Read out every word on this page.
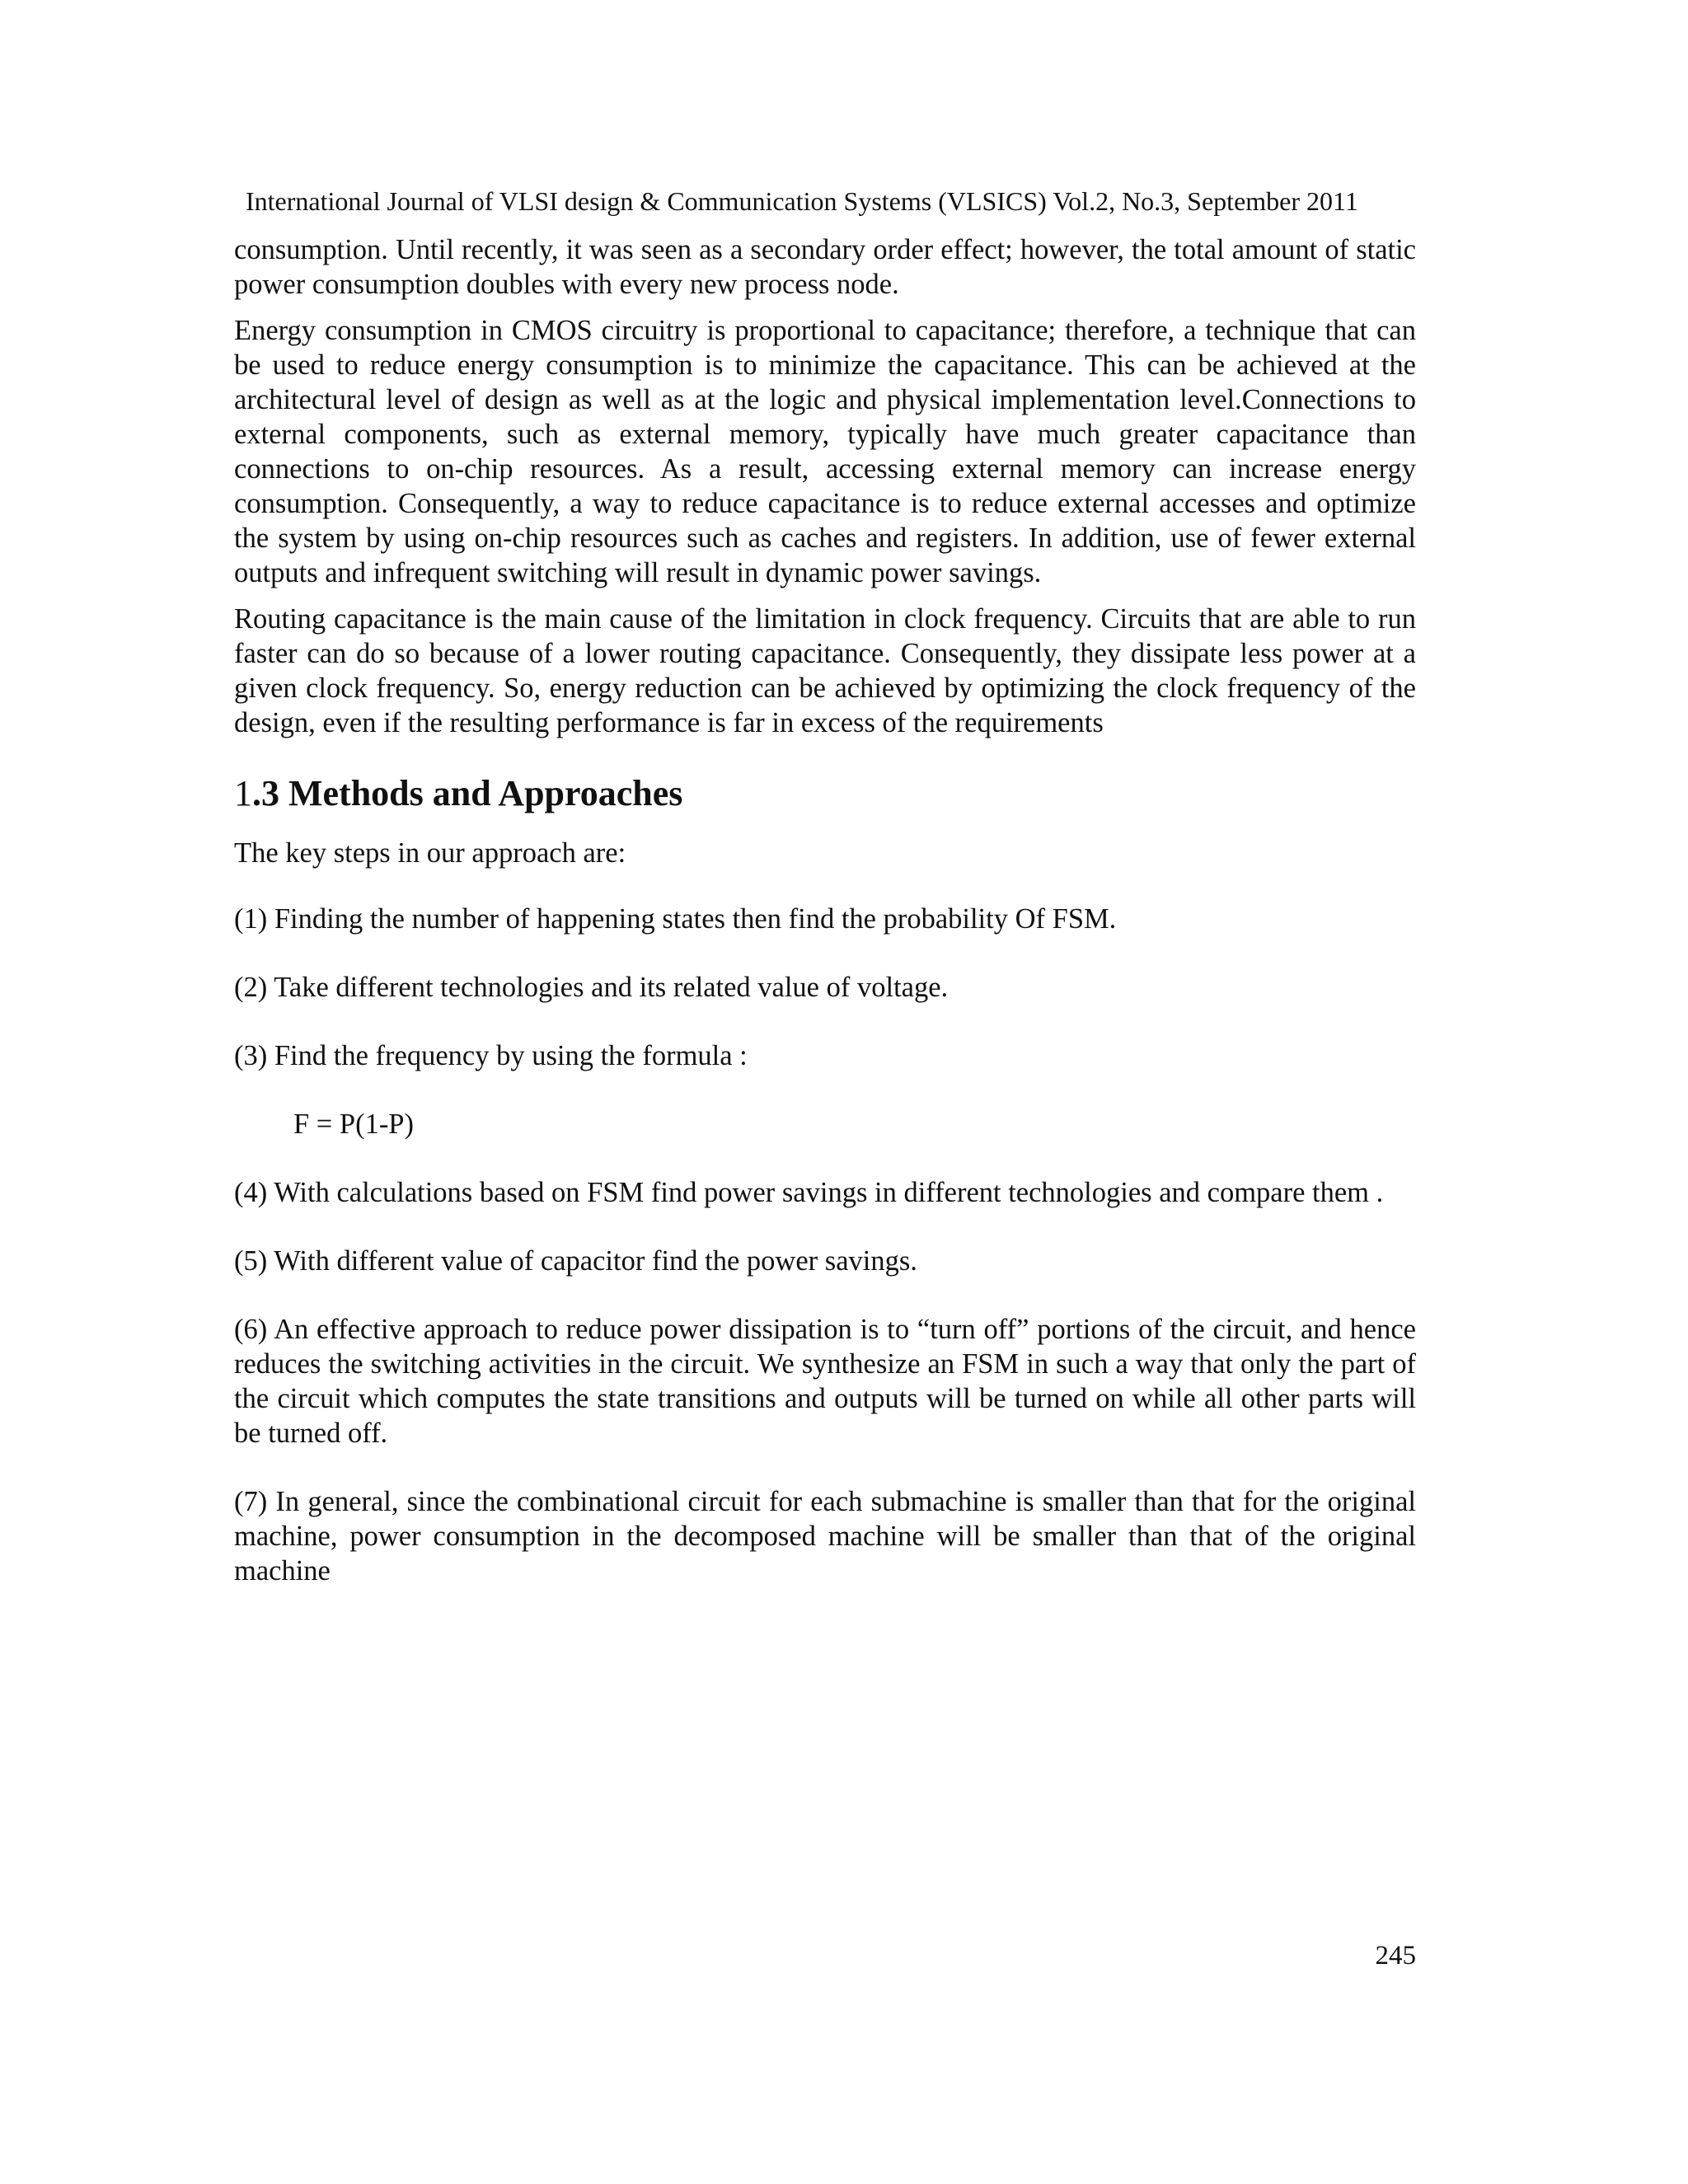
International Journal of VLSI design & Communication Systems (VLSICS) Vol.2, No.3, September 2011

consumption. Until recently, it was seen as a secondary order effect; however, the total amount of static power consumption doubles with every new process node.

Energy consumption in CMOS circuitry is proportional to capacitance; therefore, a technique that can be used to reduce energy consumption is to minimize the capacitance. This can be achieved at the architectural level of design as well as at the logic and physical implementation level.Connections to external components, such as external memory, typically have much greater capacitance than connections to on-chip resources. As a result, accessing external memory can increase energy consumption. Consequently, a way to reduce capacitance is to reduce external accesses and optimize the system by using on-chip resources such as caches and registers. In addition, use of fewer external outputs and infrequent switching will result in dynamic power savings.

Routing capacitance is the main cause of the limitation in clock frequency. Circuits that are able to run faster can do so because of a lower routing capacitance. Consequently, they dissipate less power at a given clock frequency. So, energy reduction can be achieved by optimizing the clock frequency of the design, even if the resulting performance is far in excess of the requirements

1.3 Methods and Approaches

The key steps in our approach are:

(1) Finding the number of happening states then find the probability Of FSM.

(2) Take different technologies and its related value of voltage.

(3) Find the frequency by using the formula :

F = P(1-P)

(4) With calculations based on FSM find power savings in different technologies and compare them .

(5) With different value of capacitor find the power savings.

(6) An effective approach to reduce power dissipation is to “turn off” portions of the circuit, and hence reduces the switching activities in the circuit. We synthesize an FSM in such a way that only the part of the circuit which computes the state transitions and outputs will be turned on while all other parts will be turned off.

(7) In general, since the combinational circuit for each submachine is smaller than that for the original machine, power consumption in the decomposed machine will be smaller than that of the original machine

245
